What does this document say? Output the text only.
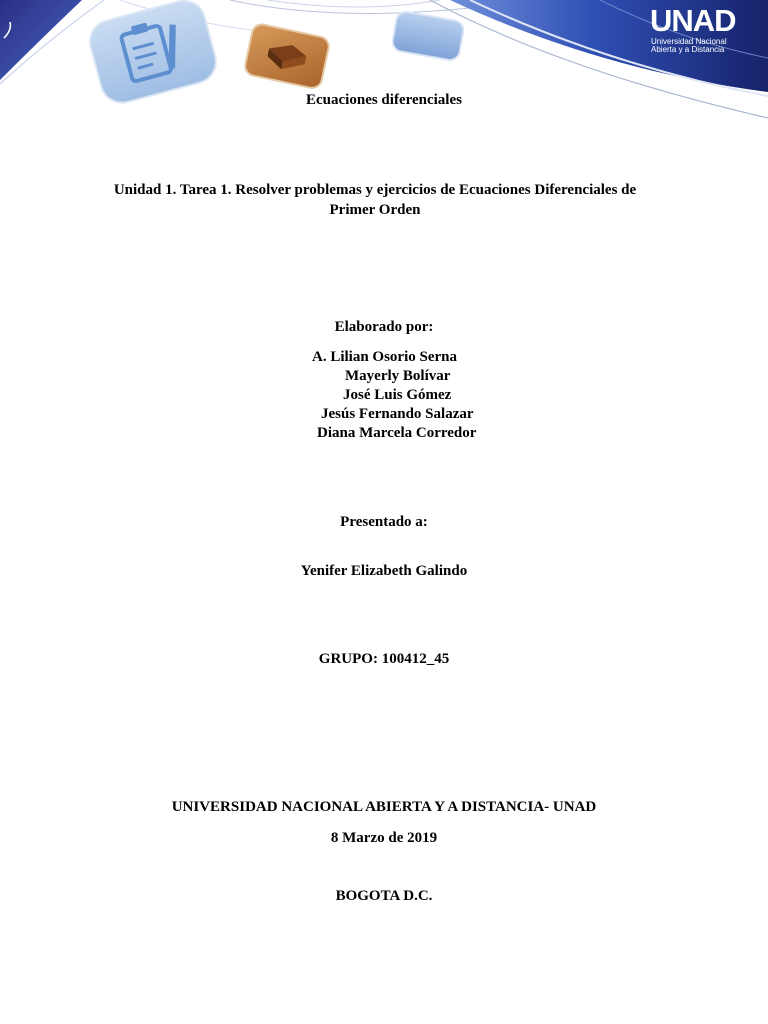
UNAD
Universidad Nacional
Abierta y a Distancia
Ecuaciones diferenciales
Unidad 1. Tarea 1. Resolver problemas y ejercicios de Ecuaciones Diferenciales de
Primer Orden
Elaborado por:
A. Lilian Osorio Serna
Mayerly Bolívar
José Luis Gómez
Jesús Fernando Salazar
Diana Marcela Corredor
Presentado a:
Yenifer Elizabeth Galindo
GRUPO: 100412_45
UNIVERSIDAD NACIONAL ABIERTA Y A DISTANCIA- UNAD
8 Marzo de 2019
BOGOTA D.C.
